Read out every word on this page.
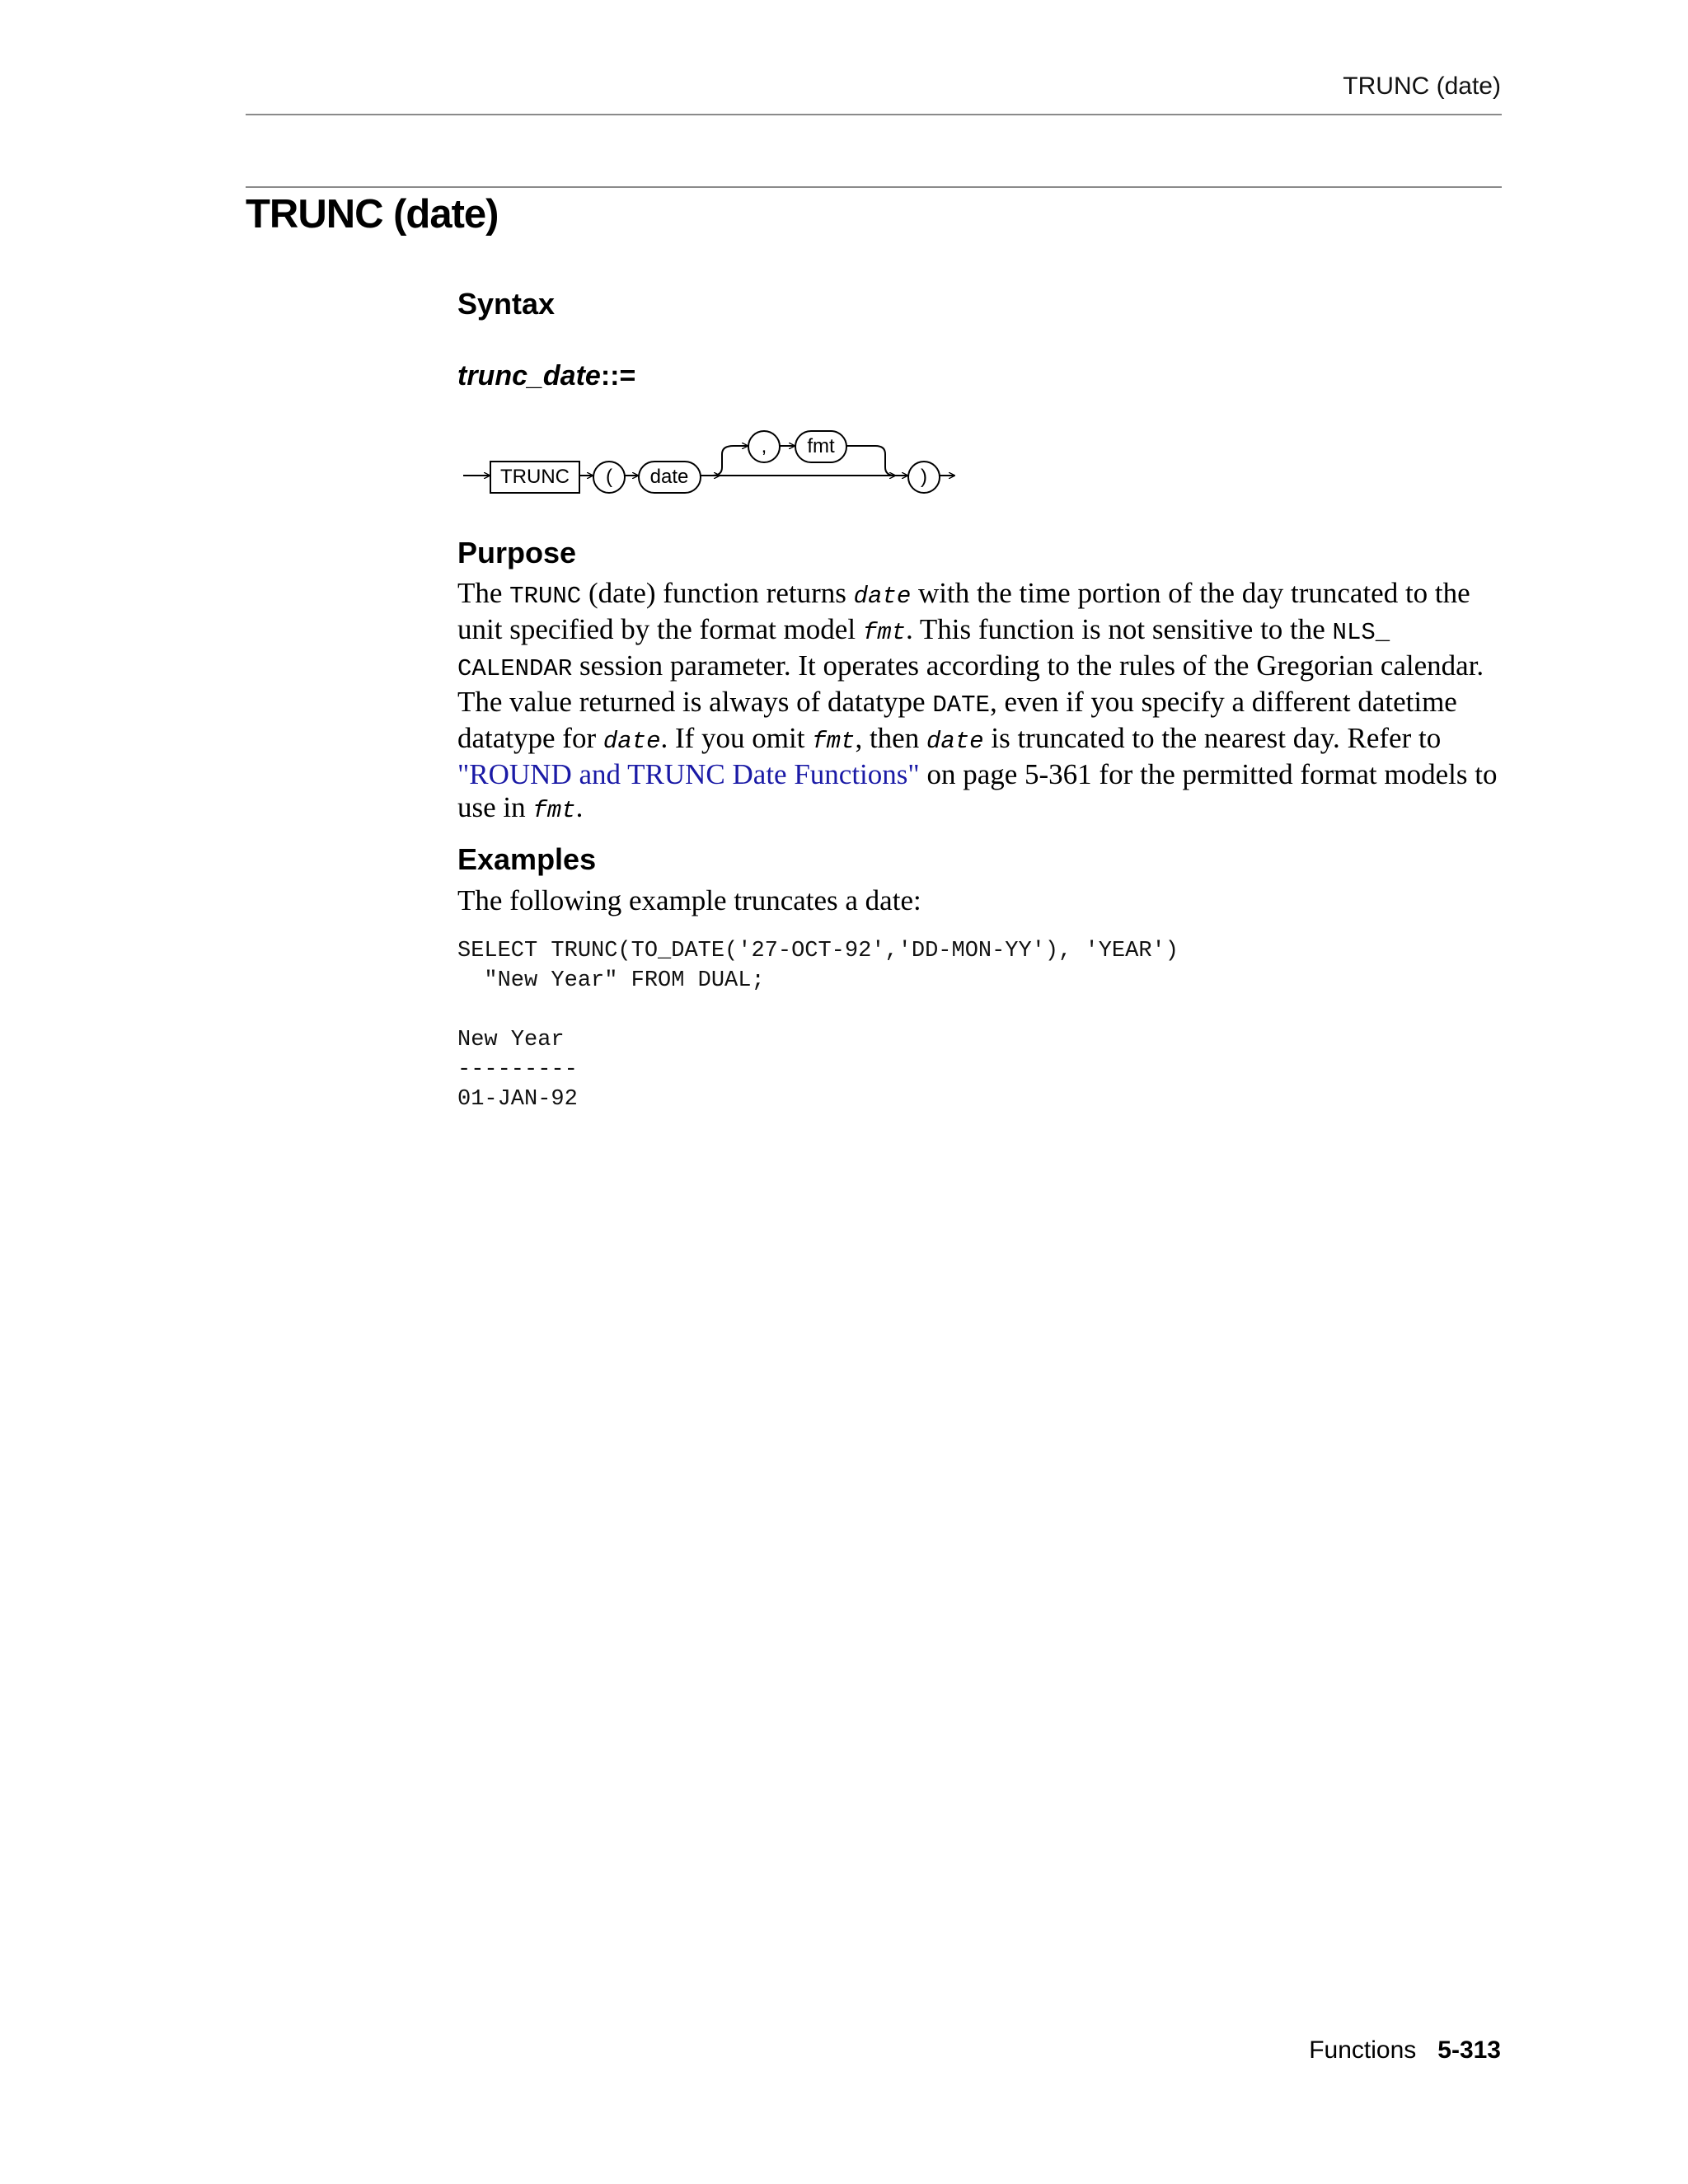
TRUNC (date)
TRUNC (date)
Syntax
trunc_date::=
TRUNC ( date
, fmt
)
Purpose

The TRUNC (date) function returns date with the time portion of the day truncated to the unit specified by the format model fmt. This function is not sensitive to the NLS_ CALENDAR session parameter. It operates according to the rules of the Gregorian calendar. The value returned is always of datatype DATE, even if you specify a different datetime datatype for date. If you omit fmt, then date is truncated to the nearest day. Refer to "ROUND and TRUNC Date Functions" on page 5-361 for the permitted format models to use in fmt.

Examples

The following example truncates a date:

SELECT TRUNC(TO_DATE('27-OCT-92','DD-MON-YY'), 'YEAR')
"New Year" FROM DUAL;

New Year
---------
01-JAN-92
Functions 5-313
